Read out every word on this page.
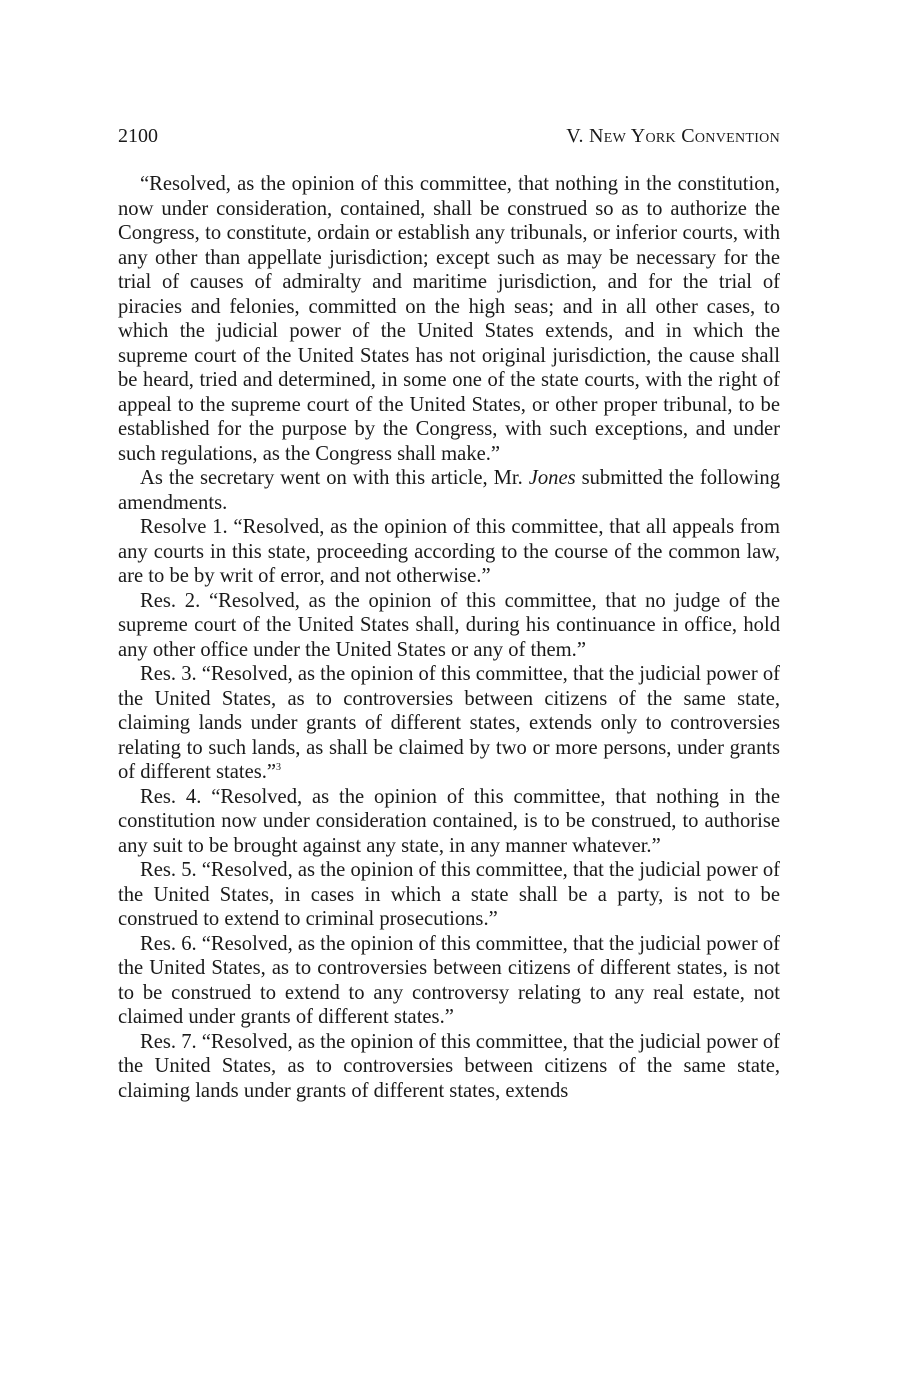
2100	V. New York Convention

“Resolved, as the opinion of this committee, that nothing in the constitution, now under consideration, contained, shall be construed so as to authorize the Congress, to constitute, ordain or establish any tribunals, or inferior courts, with any other than appellate jurisdiction; except such as may be necessary for the trial of causes of admiralty and maritime jurisdiction, and for the trial of piracies and felonies, committed on the high seas; and in all other cases, to which the judicial power of the United States extends, and in which the supreme court of the United States has not original jurisdiction, the cause shall be heard, tried and determined, in some one of the state courts, with the right of appeal to the supreme court of the United States, or other proper tribunal, to be established for the purpose by the Congress, with such exceptions, and under such regulations, as the Congress shall make.”

As the secretary went on with this article, Mr. Jones submitted the following amendments.

Resolve 1. “Resolved, as the opinion of this committee, that all appeals from any courts in this state, proceeding according to the course of the common law, are to be by writ of error, and not otherwise.”

Res. 2. “Resolved, as the opinion of this committee, that no judge of the supreme court of the United States shall, during his continuance in office, hold any other office under the United States or any of them.”

Res. 3. “Resolved, as the opinion of this committee, that the judicial power of the United States, as to controversies between citizens of the same state, claiming lands under grants of different states, extends only to controversies relating to such lands, as shall be claimed by two or more persons, under grants of different states.”$^3$

Res. 4. “Resolved, as the opinion of this committee, that nothing in the constitution now under consideration contained, is to be construed, to authorise any suit to be brought against any state, in any manner whatever.”

Res. 5. “Resolved, as the opinion of this committee, that the judicial power of the United States, in cases in which a state shall be a party, is not to be construed to extend to criminal prosecutions.”

Res. 6. “Resolved, as the opinion of this committee, that the judicial power of the United States, as to controversies between citizens of different states, is not to be construed to extend to any controversy relating to any real estate, not claimed under grants of different states.”

Res. 7. “Resolved, as the opinion of this committee, that the judicial power of the United States, as to controversies between citizens of the same state, claiming lands under grants of different states, extends
